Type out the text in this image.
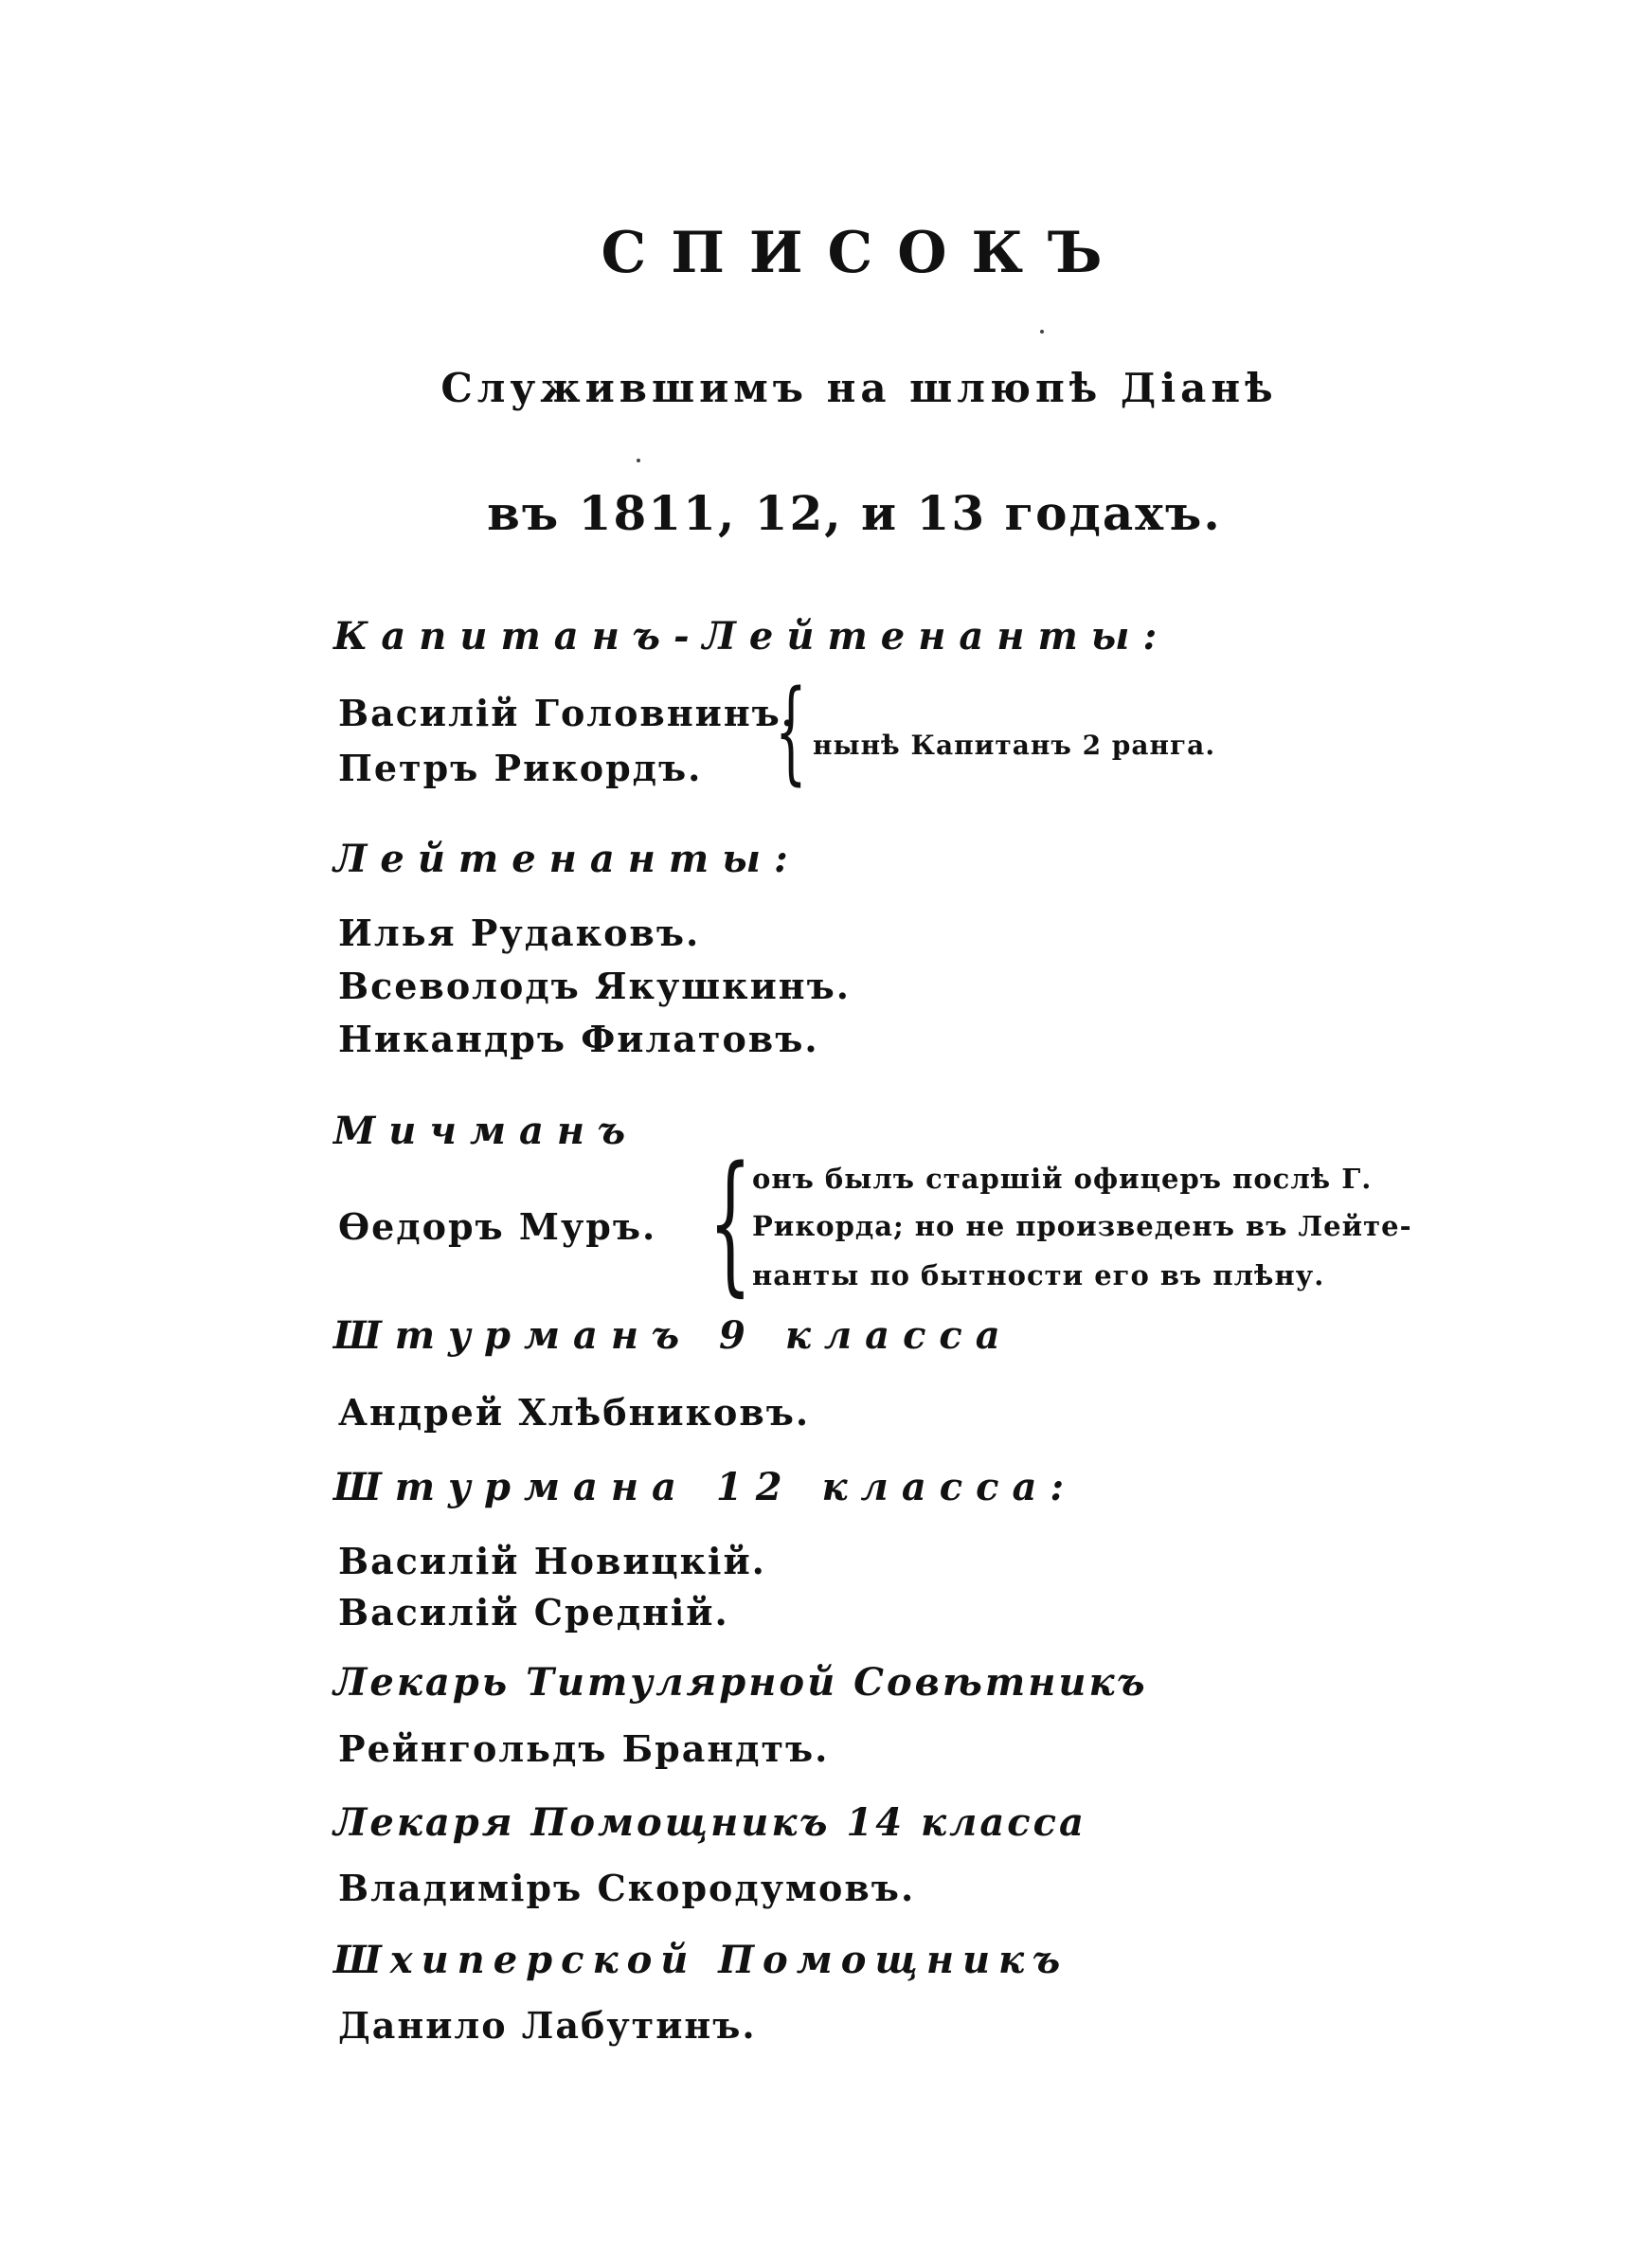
СПИСОКЪ
Служившимъ на шлюпѣ Дiанѣ
въ 1811, 12, и 13 годахъ.
Капитанъ-Лейтенанты:
Василiй Головнинъ.
Петръ Рикордъ. { нынѣ Капитанъ 2 ранга.
Лейтенанты:
Илья Рудаковъ.
Всеволодъ Якушкинъ.
Никандръ Филатовъ.
Мичманъ
Ѳедоръ Муръ. { онъ былъ старшiй офицеръ послѣ Г.
Рикорда; но не произведенъ въ Лейте-
нанты по бытности его въ плѣну.
Штурманъ 9 класса
Андрей Хлѣбниковъ.
Штурмана 12 класса:
Василiй Новицкiй.
Василiй Среднiй.
Лекарь Титулярной Совѣтникъ
Рейнгольдъ Брандтъ.
Лекаря Помощникъ 14 класса
Владимiръ Скородумовъ.
Шхиперской Помощникъ
Данило Лабутинъ.
